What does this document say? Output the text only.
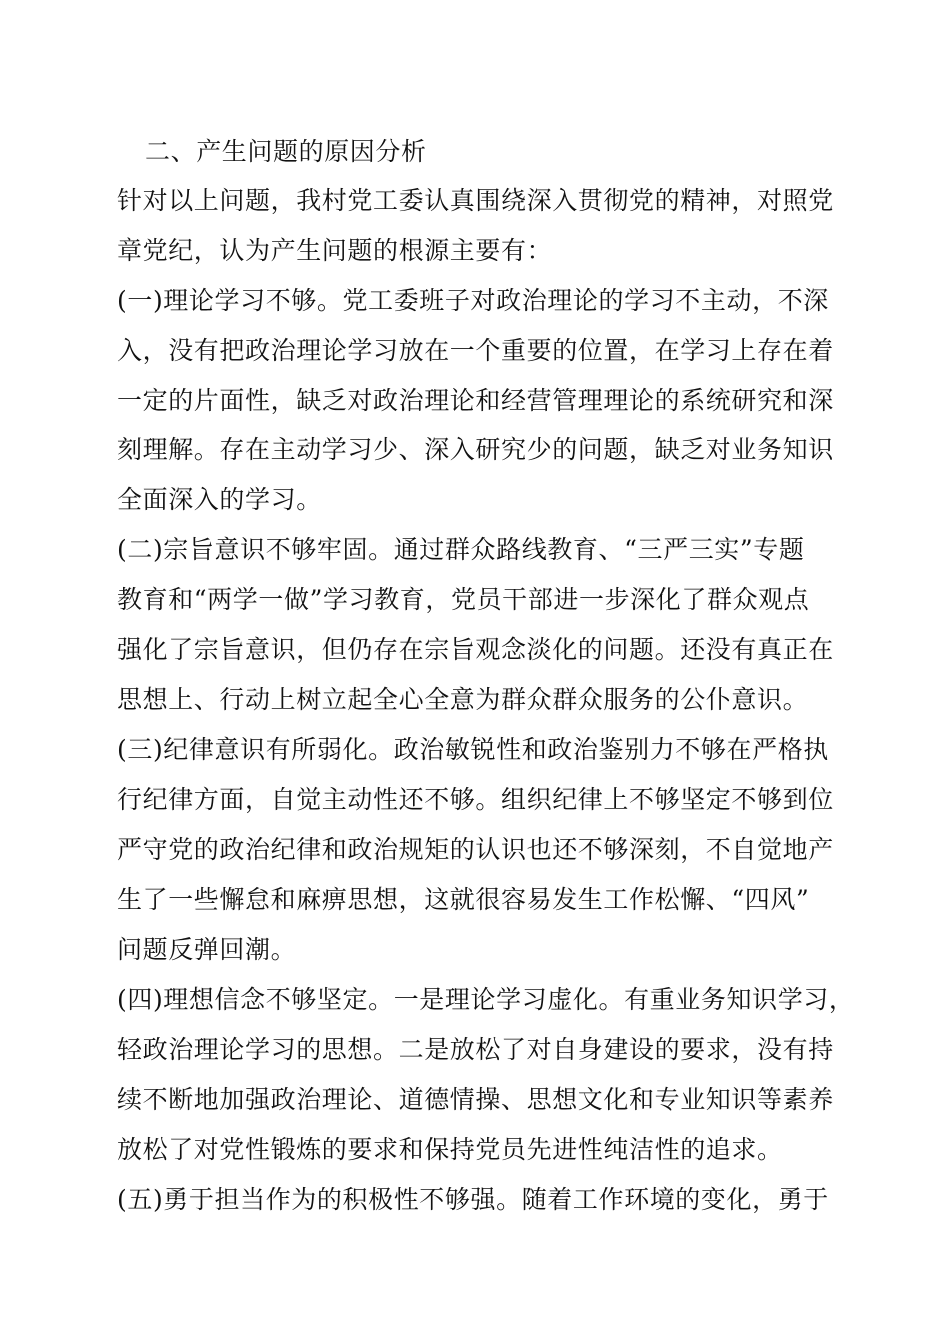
二、产生问题的原因分析
针对以上问题，我村党工委认真围绕深入贯彻党的精神，对照党
章党纪，认为产生问题的根源主要有：
(一)理论学习不够。党工委班子对政治理论的学习不主动，不深
入，没有把政治理论学习放在一个重要的位置，在学习上存在着
一定的片面性，缺乏对政治理论和经营管理理论的系统研究和深
刻理解。存在主动学习少、深入研究少的问题，缺乏对业务知识
全面深入的学习。
(二)宗旨意识不够牢固。通过群众路线教育、“三严三实”专题
教育和“两学一做”学习教育，党员干部进一步深化了群众观点
强化了宗旨意识，但仍存在宗旨观念淡化的问题。还没有真正在
思想上、行动上树立起全心全意为群众群众服务的公仆意识。
(三)纪律意识有所弱化。政治敏锐性和政治鉴别力不够在严格执
行纪律方面，自觉主动性还不够。组织纪律上不够坚定不够到位
严守党的政治纪律和政治规矩的认识也还不够深刻，不自觉地产
生了一些懈怠和麻痹思想，这就很容易发生工作松懈、“四风”
问题反弹回潮。
(四)理想信念不够坚定。一是理论学习虚化。有重业务知识学习，
轻政治理论学习的思想。二是放松了对自身建设的要求，没有持
续不断地加强政治理论、道德情操、思想文化和专业知识等素养
放松了对党性锻炼的要求和保持党员先进性纯洁性的追求。
(五)勇于担当作为的积极性不够强。随着工作环境的变化，勇于
